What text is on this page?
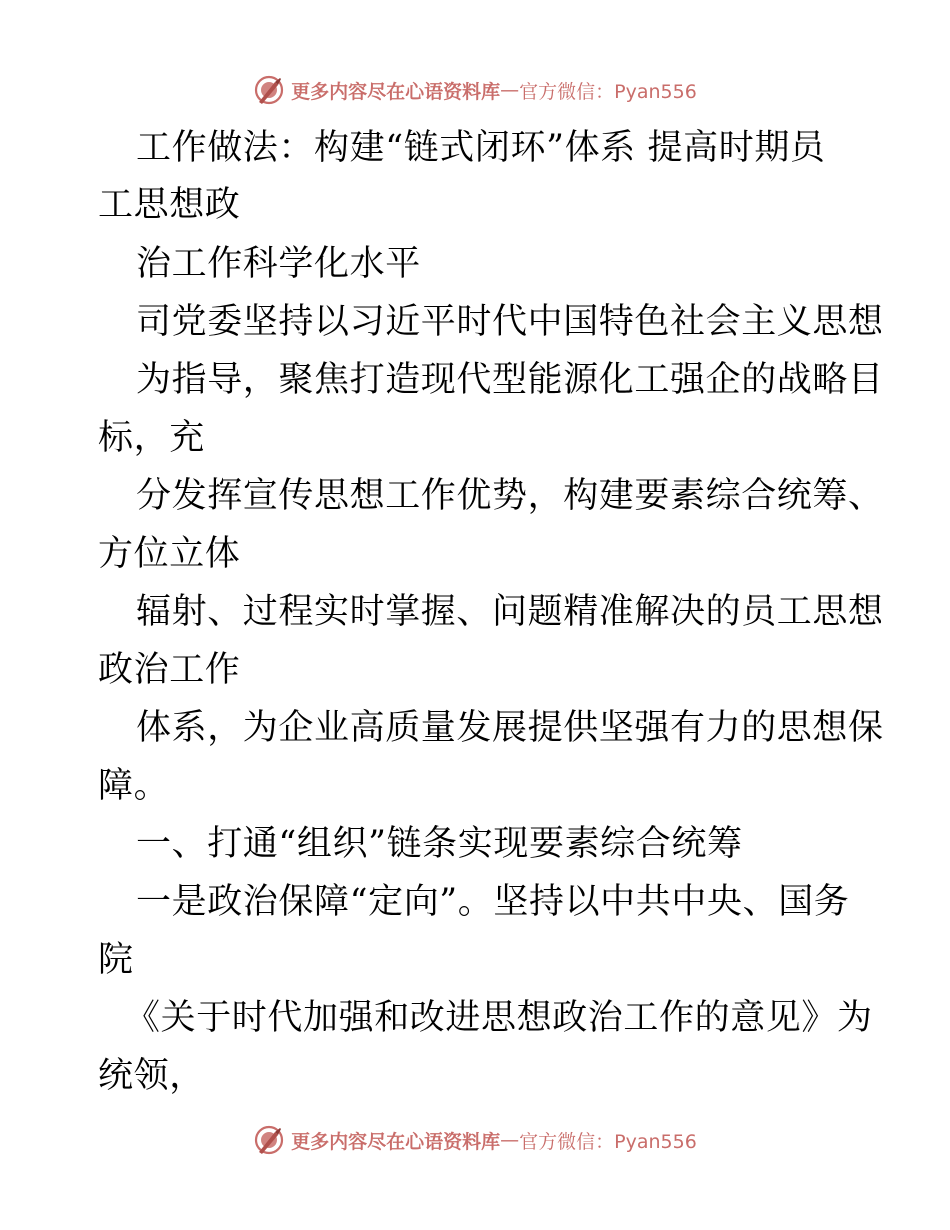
更多内容尽在心语资料库 — 官方微信：Pyan556
工作做法：构建“链式闭环”体系 提高时期员
工思想政
治工作科学化水平
司党委坚持以习近平时代中国特色社会主义思想
为指导，聚焦打造现代型能源化工强企的战略目
标，充
分发挥宣传思想工作优势，构建要素综合统筹、
方位立体
辐射、过程实时掌握、问题精准解决的员工思想
政治工作
体系，为企业高质量发展提供坚强有力的思想保
障。
一、打通“组织”链条实现要素综合统筹
一是政治保障“定向”。坚持以中共中央、国务
院
《关于时代加强和改进思想政治工作的意见》为
统领，
更多内容尽在心语资料库 — 官方微信：Pyan556
